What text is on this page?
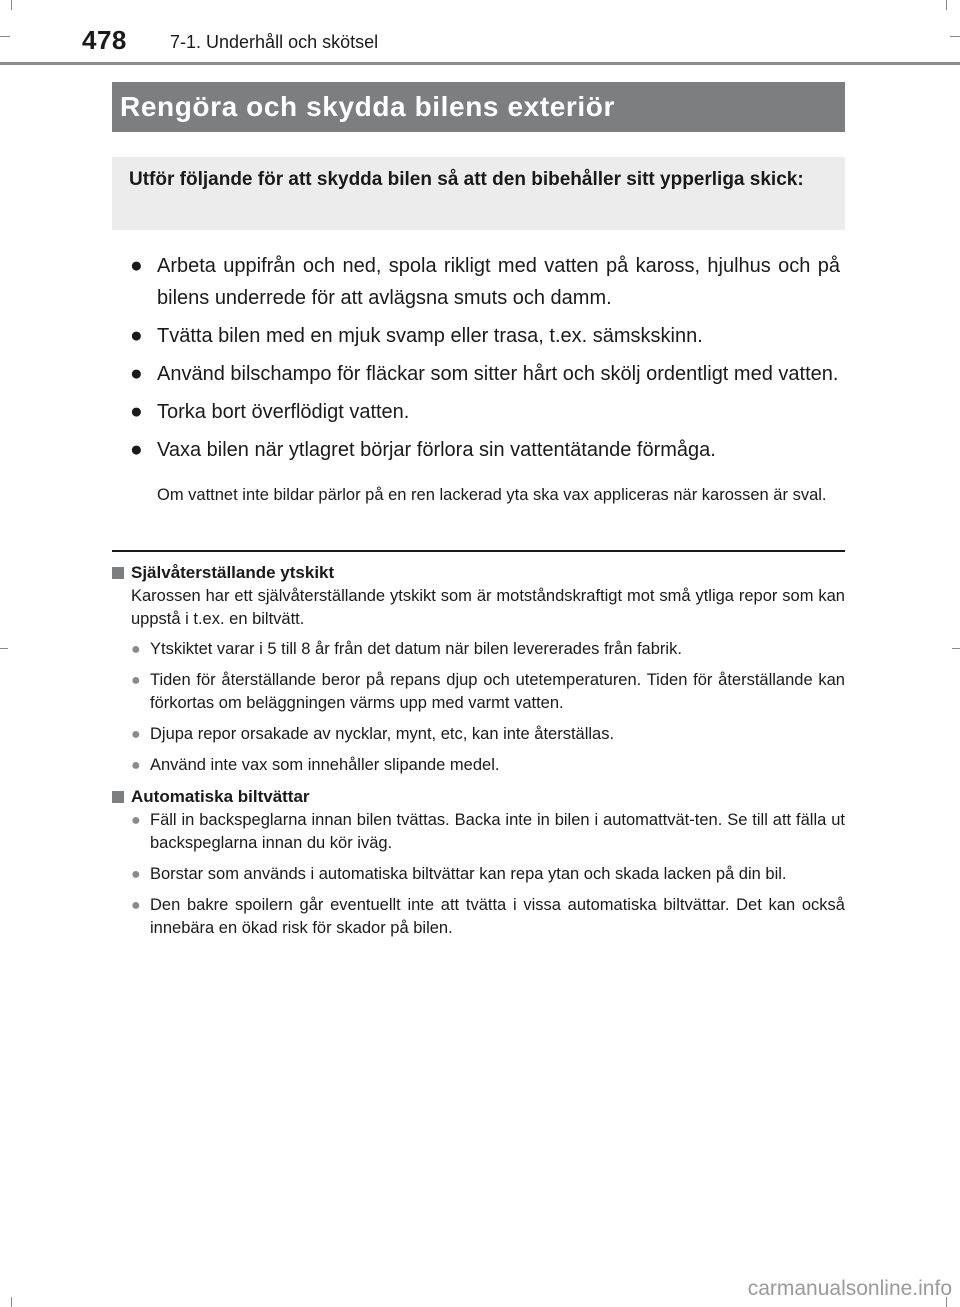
478 7-1. Underhåll och skötsel
Rengöra och skydda bilens exteriör
Utför följande för att skydda bilen så att den bibehåller sitt ypperliga skick:
● Arbeta uppifrån och ned, spola rikligt med vatten på kaross, hjulhus och på bilens underrede för att avlägsna smuts och damm.
● Tvätta bilen med en mjuk svamp eller trasa, t.ex. sämskskinn.
● Använd bilschampo för fläckar som sitter hårt och skölj ordentligt med vatten.
● Torka bort överflödigt vatten.
● Vaxa bilen när ytlagret börjar förlora sin vattentätande förmåga.
Om vattnet inte bildar pärlor på en ren lackerad yta ska vax appliceras när karossen är sval.
Självåterställande ytskikt
Karossen har ett självåterställande ytskikt som är motståndskraftigt mot små ytliga repor som kan uppstå i t.ex. en biltvätt.
● Ytskiktet varar i 5 till 8 år från det datum när bilen levererades från fabrik.
● Tiden för återställande beror på repans djup och utetemperaturen. Tiden för återställande kan förkortas om beläggningen värms upp med varmt vatten.
● Djupa repor orsakade av nycklar, mynt, etc, kan inte återställas.
● Använd inte vax som innehåller slipande medel.
Automatiska biltvättar
● Fäll in backspeglarna innan bilen tvättas. Backa inte in bilen i automattvät-ten. Se till att fälla ut backspeglarna innan du kör iväg.
● Borstar som används i automatiska biltvättar kan repa ytan och skada lacken på din bil.
● Den bakre spoilern går eventuellt inte att tvätta i vissa automatiska biltvättar. Det kan också innebära en ökad risk för skador på bilen.
carmanualsonline.info
